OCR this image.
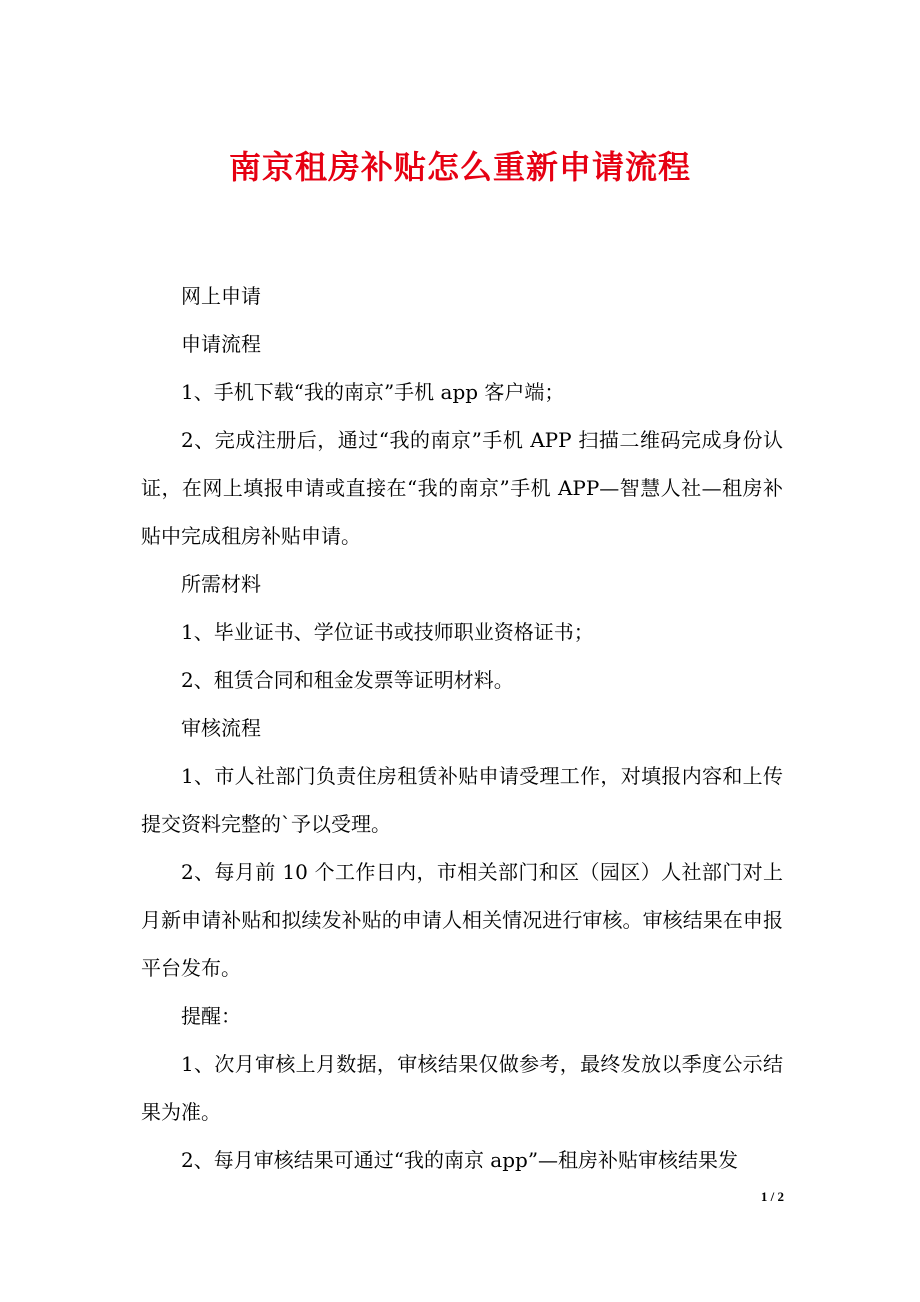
南京租房补贴怎么重新申请流程

网上申请

申请流程

1、手机下载“我的南京”手机 app 客户端；

2、完成注册后，通过“我的南京”手机 APP 扫描二维码完成身份认证，在网上填报申请或直接在“我的南京”手机 APP—智慧人社—租房补贴中完成租房补贴申请。

所需材料

1、毕业证书、学位证书或技师职业资格证书；

2、租赁合同和租金发票等证明材料。

审核流程

1、市人社部门负责住房租赁补贴申请受理工作，对填报内容和上传提交资料完整的`予以受理。

2、每月前 10 个工作日内，市相关部门和区（园区）人社部门对上月新申请补贴和拟续发补贴的申请人相关情况进行审核。审核结果在申报平台发布。

提醒：

1、次月审核上月数据，审核结果仅做参考，最终发放以季度公示结果为准。

2、每月审核结果可通过“我的南京 app”—租房补贴审核结果发

1 / 2
